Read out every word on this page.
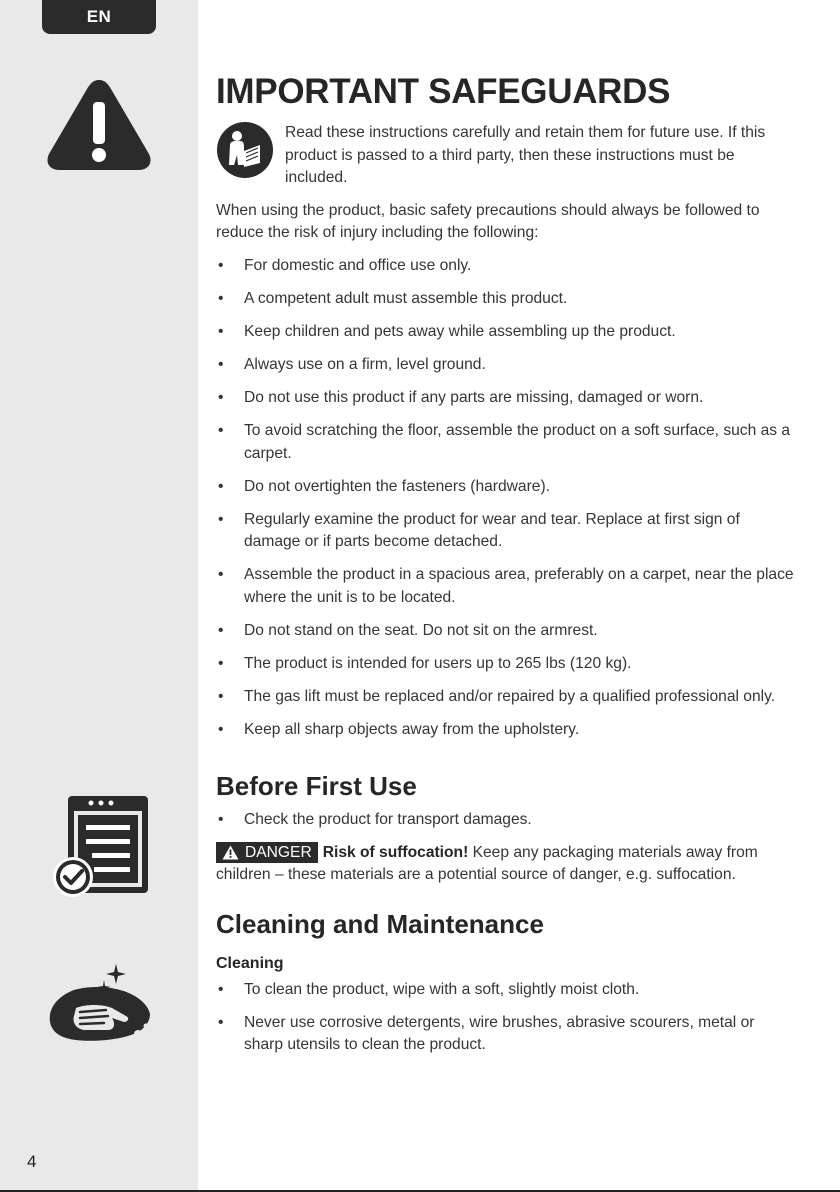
EN
4
IMPORTANT SAFEGUARDS

Read these instructions carefully and retain them for future use. If this product is passed to a third party, then these instructions must be included.

When using the product, basic safety precautions should always be followed to reduce the risk of injury including the following:

• For domestic and office use only.
• A competent adult must assemble this product.
• Keep children and pets away while assembling up the product.
• Always use on a firm, level ground.
• Do not use this product if any parts are missing, damaged or worn.
• To avoid scratching the floor, assemble the product on a soft surface, such as a carpet.
• Do not overtighten the fasteners (hardware).
• Regularly examine the product for wear and tear. Replace at first sign of damage or if parts become detached.
• Assemble the product in a spacious area, preferably on a carpet, near the place where the unit is to be located.
• Do not stand on the seat. Do not sit on the armrest.
• The product is intended for users up to 265 lbs (120 kg).
• The gas lift must be replaced and/or repaired by a qualified professional only.
• Keep all sharp objects away from the upholstery.
Before First Use
• Check the product for transport damages.

DANGER Risk of suffocation! Keep any packaging materials away from children – these materials are a potential source of danger, e.g. suffocation.

Cleaning and Maintenance
Cleaning
• To clean the product, wipe with a soft, slightly moist cloth.
• Never use corrosive detergents, wire brushes, abrasive scourers, metal or sharp utensils to clean the product.
